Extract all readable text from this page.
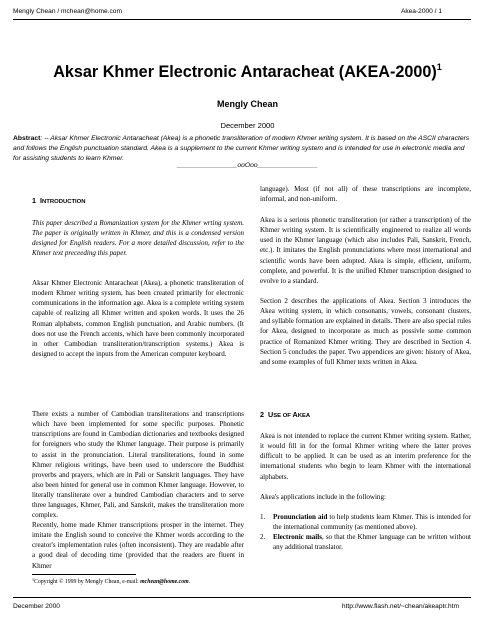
Mengly Chean / mchean@home.com	Akea-2000 / 1
Aksar Khmer Electronic Antaracheat (AKEA-2000)$^1$
Mengly Chean
December 2000
Abstract: -- Aksar Khmer Electronic Antaracheat (Akea) is a phonetic transliteration of modern Khmer writing system. It is based on the ASCII characters and follows the English punctuation standard. Akea is a supplement to the current Khmer writing system and is intended for use in electronic media and for assisting students to learn Khmer.
________________ooOoo________________
1 INTRODUCTION

This paper described a Romanization system for the Khmer wrting system. The paper is originally written in Khmer, and this is a condensed version designed for English readers. For a more detailed discussion, refer to the Khmer text preceeding this paper.

Aksar Khmer Electronic Antaracheat (Akea), a phonetic transliteration of modern Khmer writing system, has been created primarily for electronic communications in the information age. Akea is a complete writing system capable of realizing all Khmer written and spoken words. It uses the 26 Roman alphabets, common English punctuation, and Arabic numbers. (It does not use the French accents, which have been commonly incorporated in other Cambodian transliteration/transcription systems.) Akea is designed to accept the inputs from the American computer keyboard.

There exists a number of Cambodian transliterations and transcriptions which have been implemented for some specific purposes. Phonetic transcriptions are found in Cambodian dictionaries and textbooks designed for foreigners who study the Khmer language. Their purpose is primarily to assist in the pronunciation. Literal transliterations, found in some Khmer religious writings, have been used to underscore the Buddhist proverbs and prayers, which are in Pali or Sanskrit languages. They have also been hinted for general use in common Khmer language. However, to literally transliterate over a hundred Cambodian characters and to serve three languages, Khmer, Pali, and Sanskrit, makes the transliteration more complex.

Recently, home made Khmer transcriptions prosper in the internet. They imitate the English sound to conceive the Khmer words according to the creator's implementation rules (often inconsistent). They are readable after a good deal of decoding time (provided that the readers are fluent in Khmer

language). Most (if not all) of these transcriptions are incomplete, informal, and non-uniform.

Akea is a serious phonetic transliteration (or rather a transcription) of the Khmer writing system. It is scientifically engineered to realize all words used in the Khmer language (which also includes Pali, Sanskrit, French, etc.). It imitates the English pronunciations where most international and scientific words have been adopted. Akea is simple, efficient, uniform, complete, and powerful. It is the unified Khmer transcription designed to evolve to a standard.

Section 2 describes the applications of Akea. Section 3 introduces the Akea writing system, in which consonants, vowels, consonant clusters, and syllable formation are explained in details. There are also special rules for Akea, designed to incorporate as much as possivle some common practice of Romanized Khmer writing. They are described in Section 4. Section 5 concludes the paper. Two appendices are given: history of Akea, and some examples of full Khmer texts written in Akea.

2 USE OF AKEA

Akea is not intended to replace the current Khmer writing system. Rather, it would fill in for the formal Khmer writing where the latter proves difficult to be applied. It can be used as an interim preference for the international students who begin to learn Khmer with the international alphabets.

Akea's applications include in the following:

1. Pronunciation aid to help students learn Khmer. This is intended for the international community (as mentioned above).

2. Electronic mails, so that the Khmer language can be written without any additional translator.

$^1$Copyright © 1999 by Mengly Chean, e-mail: mchean@home.com.
December 2000	http://www.flash.net/~chean/akeaptr.htm
